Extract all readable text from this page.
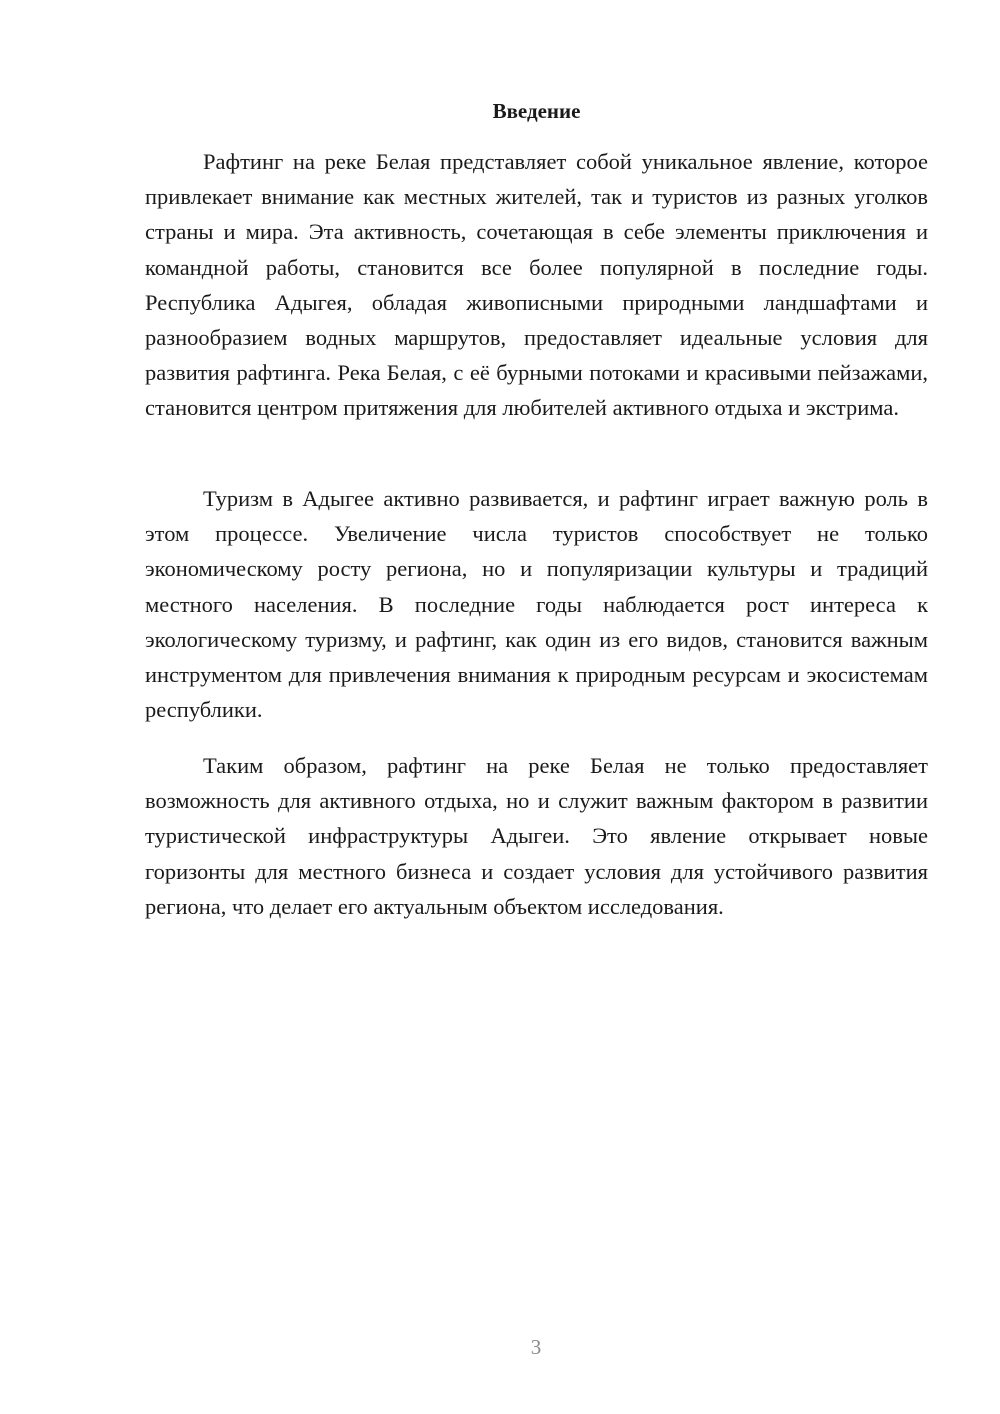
Введение

Рафтинг на реке Белая представляет собой уникальное явление, которое привлекает внимание как местных жителей, так и туристов из разных уголков страны и мира. Эта активность, сочетающая в себе элементы приключения и командной работы, становится все более популярной в последние годы. Республика Адыгея, обладая живописными природными ландшафтами и разнообразием водных маршрутов, предоставляет идеальные условия для развития рафтинга. Река Белая, с её бурными потоками и красивыми пейзажами, становится центром притяжения для любителей активного отдыха и экстрима.

Туризм в Адыгее активно развивается, и рафтинг играет важную роль в этом процессе. Увеличение числа туристов способствует не только экономическому росту региона, но и популяризации культуры и традиций местного населения. В последние годы наблюдается рост интереса к экологическому туризму, и рафтинг, как один из его видов, становится важным инструментом для привлечения внимания к природным ресурсам и экосистемам республики.

Таким образом, рафтинг на реке Белая не только предоставляет возможность для активного отдыха, но и служит важным фактором в развитии туристической инфраструктуры Адыгеи. Это явление открывает новые горизонты для местного бизнеса и создает условия для устойчивого развития региона, что делает его актуальным объектом исследования.

3
